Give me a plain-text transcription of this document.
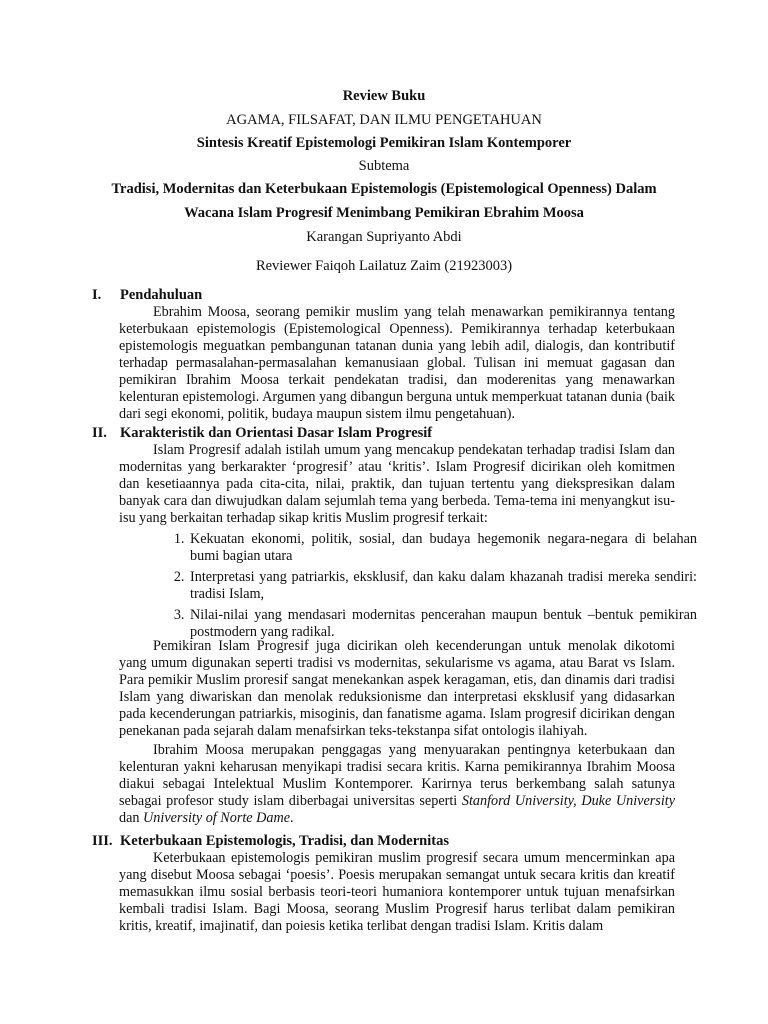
Review Buku
AGAMA, FILSAFAT, DAN ILMU PENGETAHUAN
Sintesis Kreatif Epistemologi Pemikiran Islam Kontemporer
Subtema
Tradisi, Modernitas dan Keterbukaan Epistemologis (Epistemological Openness) Dalam
Wacana Islam Progresif Menimbang Pemikiran Ebrahim Moosa
Karangan Supriyanto Abdi
Reviewer Faiqoh Lailatuz Zaim (21923003)
I. Pendahuluan
Ebrahim Moosa, seorang pemikir muslim yang telah menawarkan pemikirannya tentang keterbukaan epistemologis (Epistemological Openness). Pemikirannya terhadap keterbukaan epistemologis meguatkan pembangunan tatanan dunia yang lebih adil, dialogis, dan kontributif terhadap permasalahan-permasalahan kemanusiaan global. Tulisan ini memuat gagasan dan pemikiran Ibrahim Moosa terkait pendekatan tradisi, dan moderenitas yang menawarkan kelenturan epistemologi. Argumen yang dibangun berguna untuk memperkuat tatanan dunia (baik dari segi ekonomi, politik, budaya maupun sistem ilmu pengetahuan).
II. Karakteristik dan Orientasi Dasar Islam Progresif
Islam Progresif adalah istilah umum yang mencakup pendekatan terhadap tradisi Islam dan modernitas yang berkarakter ‘progresif’ atau ‘kritis’. Islam Progresif dicirikan oleh komitmen dan kesetiaannya pada cita-cita, nilai, praktik, dan tujuan tertentu yang diekspresikan dalam banyak cara dan diwujudkan dalam sejumlah tema yang berbeda. Tema-tema ini menyangkut isu-isu yang berkaitan terhadap sikap kritis Muslim progresif terkait:
1. Kekuatan ekonomi, politik, sosial, dan budaya hegemonik negara-negara di belahan bumi bagian utara
2. Interpretasi yang patriarkis, eksklusif, dan kaku dalam khazanah tradisi mereka sendiri: tradisi Islam,
3. Nilai-nilai yang mendasari modernitas pencerahan maupun bentuk –bentuk pemikiran postmodern yang radikal.
Pemikiran Islam Progresif juga dicirikan oleh kecenderungan untuk menolak dikotomi yang umum digunakan seperti tradisi vs modernitas, sekularisme vs agama, atau Barat vs Islam. Para pemikir Muslim proresif sangat menekankan aspek keragaman, etis, dan dinamis dari tradisi Islam yang diwariskan dan menolak reduksionisme dan interpretasi eksklusif yang didasarkan pada kecenderungan patriarkis, misoginis, dan fanatisme agama. Islam progresif dicirikan dengan penekanan pada sejarah dalam menafsirkan teks-tekstanpa sifat ontologis ilahiyah.
Ibrahim Moosa merupakan penggagas yang menyuarakan pentingnya keterbukaan dan kelenturan yakni keharusan menyikapi tradisi secara kritis. Karna pemikirannya Ibrahim Moosa diakui sebagai Intelektual Muslim Kontemporer. Karirnya terus berkembang salah satunya sebagai profesor study islam diberbagai universitas seperti Stanford University, Duke University dan University of Norte Dame.
III. Keterbukaan Epistemologis, Tradisi, dan Modernitas
Keterbukaan epistemologis pemikiran muslim progresif secara umum mencerminkan apa yang disebut Moosa sebagai ‘poesis’. Poesis merupakan semangat untuk secara kritis dan kreatif memasukkan ilmu sosial berbasis teori-teori humaniora kontemporer untuk tujuan menafsirkan kembali tradisi Islam. Bagi Moosa, seorang Muslim Progresif harus terlibat dalam pemikiran kritis, kreatif, imajinatif, dan poiesis ketika terlibat dengan tradisi Islam. Kritis dalam
